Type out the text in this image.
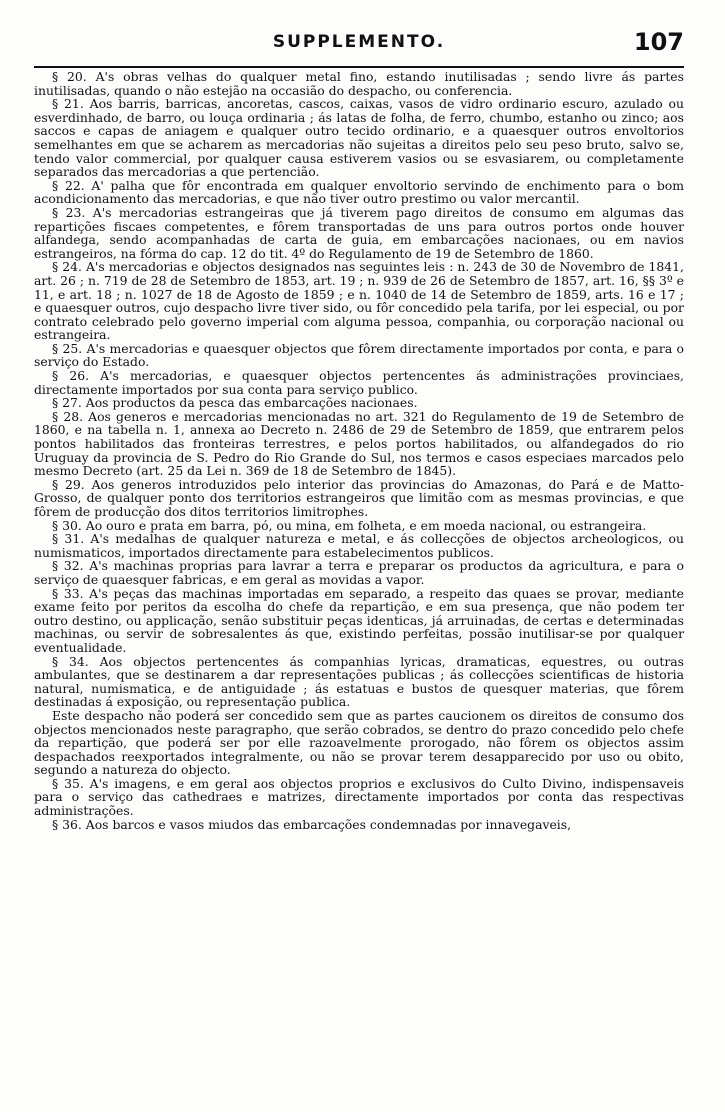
SUPPLEMENTO.	107

§ 20. A's obras velhas do qualquer metal fino, estando inutilisadas ; sendo livre ás partes inutilisadas, quando o não estejão na occasião do despacho, ou conferencia.

§ 21. Aos barris, barricas, ancoretas, cascos, caixas, vasos de vidro ordinario escuro, azulado ou esverdinhado, de barro, ou louça ordinaria ; ás latas de folha, de ferro, chumbo, estanho ou zinco; aos saccos e capas de aniagem e qualquer outro tecido ordinario, e a quaesquer outros envoltorios semelhantes em que se acharem as mercadorias não sujeitas a direitos pelo seu peso bruto, salvo se, tendo valor commercial, por qualquer causa estiverem vasios ou se esvasiarem, ou completamente separados das mercadorias a que pertencião.

§ 22. A' palha que fôr encontrada em qualquer envoltorio servindo de enchimento para o bom acondicionamento das mercadorias, e que não tiver outro prestimo ou valor mercantil.

§ 23. A's mercadorias estrangeiras que já tiverem pago direitos de consumo em algumas das repartições fiscaes competentes, e fôrem transportadas de uns para outros portos onde houver alfandega, sendo acompanhadas de carta de guia, em embarcações nacionaes, ou em navios estrangeiros, na fórma do cap. 12 do tit. 4º do Regulamento de 19 de Setembro de 1860.

§ 24. A's mercadorias e objectos designados nas seguintes leis : n. 243 de 30 de Novembro de 1841, art. 26 ; n. 719 de 28 de Setembro de 1853, art. 19 ; n. 939 de 26 de Setembro de 1857, art. 16, §§ 3º e 11, e art. 18 ; n. 1027 de 18 de Agosto de 1859 ; e n. 1040 de 14 de Setembro de 1859, arts. 16 e 17 ; e quaesquer outros, cujo despacho livre tiver sido, ou fôr concedido pela tarifa, por lei especial, ou por contrato celebrado pelo governo imperial com alguma pessoa, companhia, ou corporação nacional ou estrangeira.

§ 25. A's mercadorias e quaesquer objectos que fôrem directamente importados por conta, e para o serviço do Estado.

§ 26. A's mercadorias, e quaesquer objectos pertencentes ás administrações provinciaes, directamente importados por sua conta para serviço publico.

§ 27. Aos productos da pesca das embarcações nacionaes.

§ 28. Aos generos e mercadorias mencionadas no art. 321 do Regulamento de 19 de Setembro de 1860, e na tabella n. 1, annexa ao Decreto n. 2486 de 29 de Setembro de 1859, que entrarem pelos pontos habilitados das fronteiras terrestres, e pelos portos habilitados, ou alfandegados do rio Uruguay da provincia de S. Pedro do Rio Grande do Sul, nos termos e casos especiaes marcados pelo mesmo Decreto (art. 25 da Lei n. 369 de 18 de Setembro de 1845).

§ 29. Aos generos introduzidos pelo interior das provincias do Amazonas, do Pará e de Matto-Grosso, de qualquer ponto dos territorios estrangeiros que limitão com as mesmas provincias, e que fôrem de producção dos ditos territorios limitrophes.

§ 30. Ao ouro e prata em barra, pó, ou mina, em folheta, e em moeda nacional, ou estrangeira.

§ 31. A's medalhas de qualquer natureza e metal, e ás collecções de objectos archeologicos, ou numismaticos, importados directamente para estabelecimentos publicos.

§ 32. A's machinas proprias para lavrar a terra e preparar os productos da agricultura, e para o serviço de quaesquer fabricas, e em geral as movidas a vapor.

§ 33. A's peças das machinas importadas em separado, a respeito das quaes se provar, mediante exame feito por peritos da escolha do chefe da repartição, e em sua presença, que não podem ter outro destino, ou applicação, senão substituir peças identicas, já arruinadas, de certas e determinadas machinas, ou servir de sobresalentes ás que, existindo perfeitas, possão inutilisar-se por qualquer eventualidade.

§ 34. Aos objectos pertencentes ás companhias lyricas, dramaticas, equestres, ou outras ambulantes, que se destinarem a dar representações publicas ; ás collecções scientificas de historia natural, numismatica, e de antiguidade ; ás estatuas e bustos de quesquer materias, que fôrem destinadas á exposição, ou representação publica.

Este despacho não poderá ser concedido sem que as partes caucionem os direitos de consumo dos objectos mencionados neste paragrapho, que serão cobrados, se dentro do prazo concedido pelo chefe da repartição, que poderá ser por elle razoavelmente prorogado, não fôrem os objectos assim despachados reexportados integralmente, ou não se provar terem desapparecido por uso ou obito, segundo a natureza do objecto.

§ 35. A's imagens, e em geral aos objectos proprios e exclusivos do Culto Divino, indispensaveis para o serviço das cathedraes e matrizes, directamente importados por conta das respectivas administrações.

§ 36. Aos barcos e vasos miudos das embarcações condemnadas por innavegaveis,
